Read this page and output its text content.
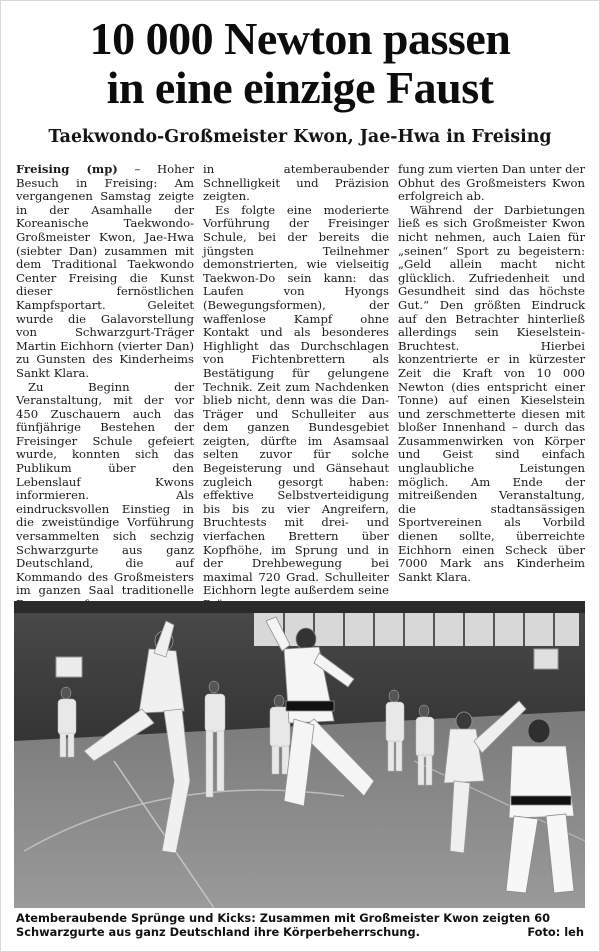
10 000 Newton passen
in eine einzige Faust
Taekwondo-Großmeister Kwon, Jae-Hwa in Freising

Freising (mp) – Hoher Besuch in Freising: Am vergangenen Samstag zeigte in der Asamhalle der Koreanische Taekwondo-Großmeister Kwon, Jae-Hwa (siebter Dan) zusammen mit dem Traditional Taekwondo Center Freising die Kunst dieser fernöstlichen Kampfsportart. Geleitet wurde die Galavorstellung von Schwarzgurt-Träger Martin Eichhorn (vierter Dan) zu Gunsten des Kinderheims Sankt Klara.

Zu Beginn der Veranstaltung, mit der vor 450 Zuschauern auch das fünfjährige Bestehen der Freisinger Schule gefeiert wurde, konnten sich das Publikum über den Lebenslauf Kwons informieren. Als eindrucksvollen Einstieg in die zweistündige Vorführung versammelten sich sechzig Schwarzgurte aus ganz Deutschland, die auf Kommando des Großmeisters im ganzen Saal traditionelle

in atemberaubender Schnelligkeit und Präzision zeigten.

Es folgte eine moderierte Vorführung der Freisinger Schule, bei der bereits die jüngsten Teilnehmer demonstrierten, wie vielseitig Taekwon-Do sein kann: das Laufen von Hyongs (Bewegungsformen), der waffenlose Kampf ohne Kontakt und als besonderes Highlight das Durchschlagen von Fichtenbrettern als Bestätigung für gelungene Technik. Zeit zum Nachdenken blieb nicht, denn was die Dan-Träger und Schulleiter aus dem ganzen Bundesgebiet zeigten, dürfte im Asamsaal selten zuvor für solche Begeisterung und Gänsehaut zugleich gesorgt haben: effektive Selbstverteidigung bis bis zu vier Angreifern, Bruchtests mit drei- und vierfachen Brettern über Kopfhöhe, im Sprung und in der Drehbewegung bei maximal 720 Grad. Schulleiter Eichhorn legte außerdem seine

fung zum vierten Dan unter der Obhut des Großmeisters Kwon erfolgreich ab.

Während der Darbietungen ließ es sich Großmeister Kwon nicht nehmen, auch Laien für „seinen“ Sport zu begeistern: „Geld allein macht nicht glücklich. Zufriedenheit und Gesundheit sind das höchste Gut.“ Den größten Eindruck auf den Betrachter hinterließ allerdings sein Kieselstein-Bruchtest. Hierbei konzentrierte er in kürzester Zeit die Kraft von 10 000 Newton (dies entspricht einer Tonne) auf einen Kieselstein und zerschmetterte diesen mit bloßer Innenhand – durch das Zusammenwirken von Körper und Geist sind einfach unglaubliche Leistungen möglich. Am Ende der mitreißenden Veranstaltung, die stadtansässigen Sportvereinen als Vorbild dienen sollte, überreichte Eichhorn einen Scheck über 7000 Mark ans Kinderheim Sankt Klara.

Atemberaubende Sprünge und Kicks: Zusammen mit Großmeister Kwon zeigten 60 Schwarzgurte aus ganz Deutschland ihre Körperbeherrschung.	Foto: leh
